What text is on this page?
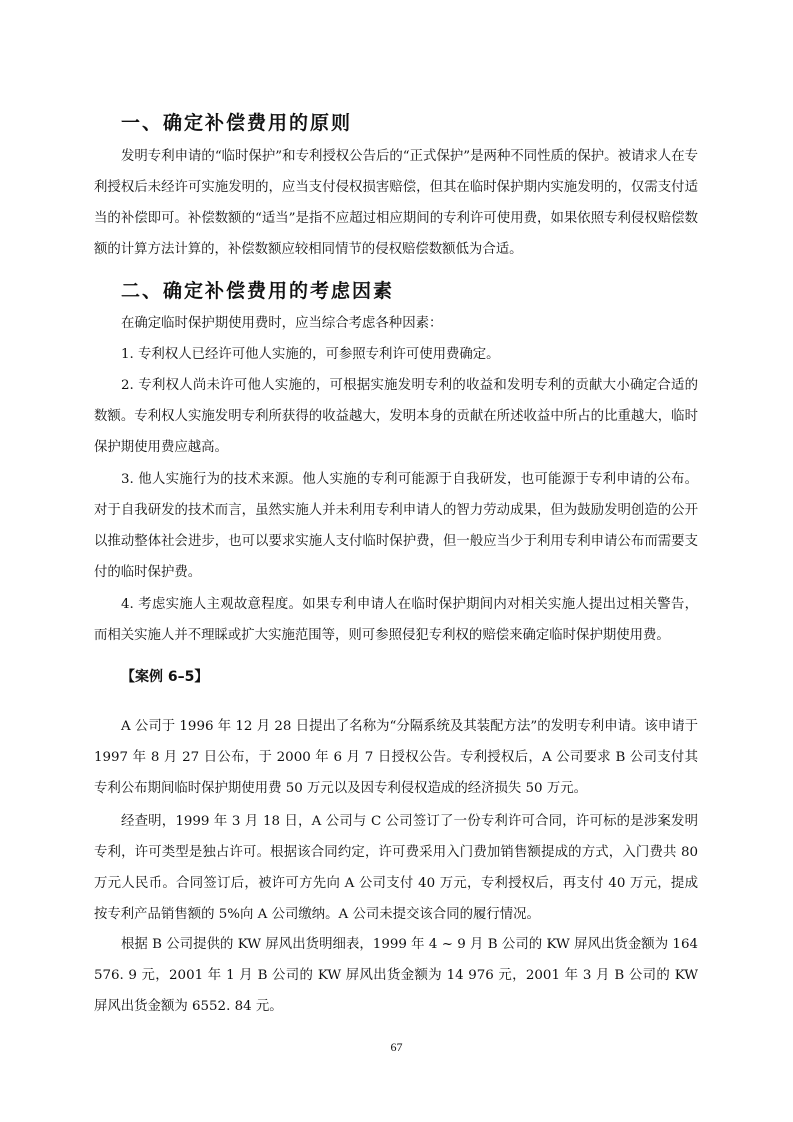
一、确定补偿费用的原则

发明专利申请的“临时保护”和专利授权公告后的“正式保护”是两种不同性质的保护。被请求人在专利授权后未经许可实施发明的，应当支付侵权损害赔偿，但其在临时保护期内实施发明的，仅需支付适当的补偿即可。补偿数额的“适当”是指不应超过相应期间的专利许可使用费，如果依照专利侵权赔偿数额的计算方法计算的，补偿数额应较相同情节的侵权赔偿数额低为合适。

二、确定补偿费用的考虑因素

在确定临时保护期使用费时，应当综合考虑各种因素：

1. 专利权人已经许可他人实施的，可参照专利许可使用费确定。

2. 专利权人尚未许可他人实施的，可根据实施发明专利的收益和发明专利的贡献大小确定合适的数额。专利权人实施发明专利所获得的收益越大，发明本身的贡献在所述收益中所占的比重越大，临时保护期使用费应越高。

3. 他人实施行为的技术来源。他人实施的专利可能源于自我研发，也可能源于专利申请的公布。对于自我研发的技术而言，虽然实施人并未利用专利申请人的智力劳动成果，但为鼓励发明创造的公开以推动整体社会进步，也可以要求实施人支付临时保护费，但一般应当少于利用专利申请公布而需要支付的临时保护费。

4. 考虑实施人主观故意程度。如果专利申请人在临时保护期间内对相关实施人提出过相关警告，而相关实施人并不理睬或扩大实施范围等，则可参照侵犯专利权的赔偿来确定临时保护期使用费。

【案例 6–5】

A 公司于 1996 年 12 月 28 日提出了名称为“分隔系统及其装配方法”的发明专利申请。该申请于 1997 年 8 月 27 日公布，于 2000 年 6 月 7 日授权公告。专利授权后，A 公司要求 B 公司支付其专利公布期间临时保护期使用费 50 万元以及因专利侵权造成的经济损失 50 万元。

经查明，1999 年 3 月 18 日，A 公司与 C 公司签订了一份专利许可合同，许可标的是涉案发明专利，许可类型是独占许可。根据该合同约定，许可费采用入门费加销售额提成的方式，入门费共 80 万元人民币。合同签订后，被许可方先向 A 公司支付 40 万元，专利授权后，再支付 40 万元，提成按专利产品销售额的 5%向 A 公司缴纳。A 公司未提交该合同的履行情况。

根据 B 公司提供的 KW 屏风出货明细表，1999 年 4 ~ 9 月 B 公司的 KW 屏风出货金额为 164 576. 9 元，2001 年 1 月 B 公司的 KW 屏风出货金额为 14 976 元，2001 年 3 月 B 公司的 KW 屏风出货金额为 6552. 84 元。

67
